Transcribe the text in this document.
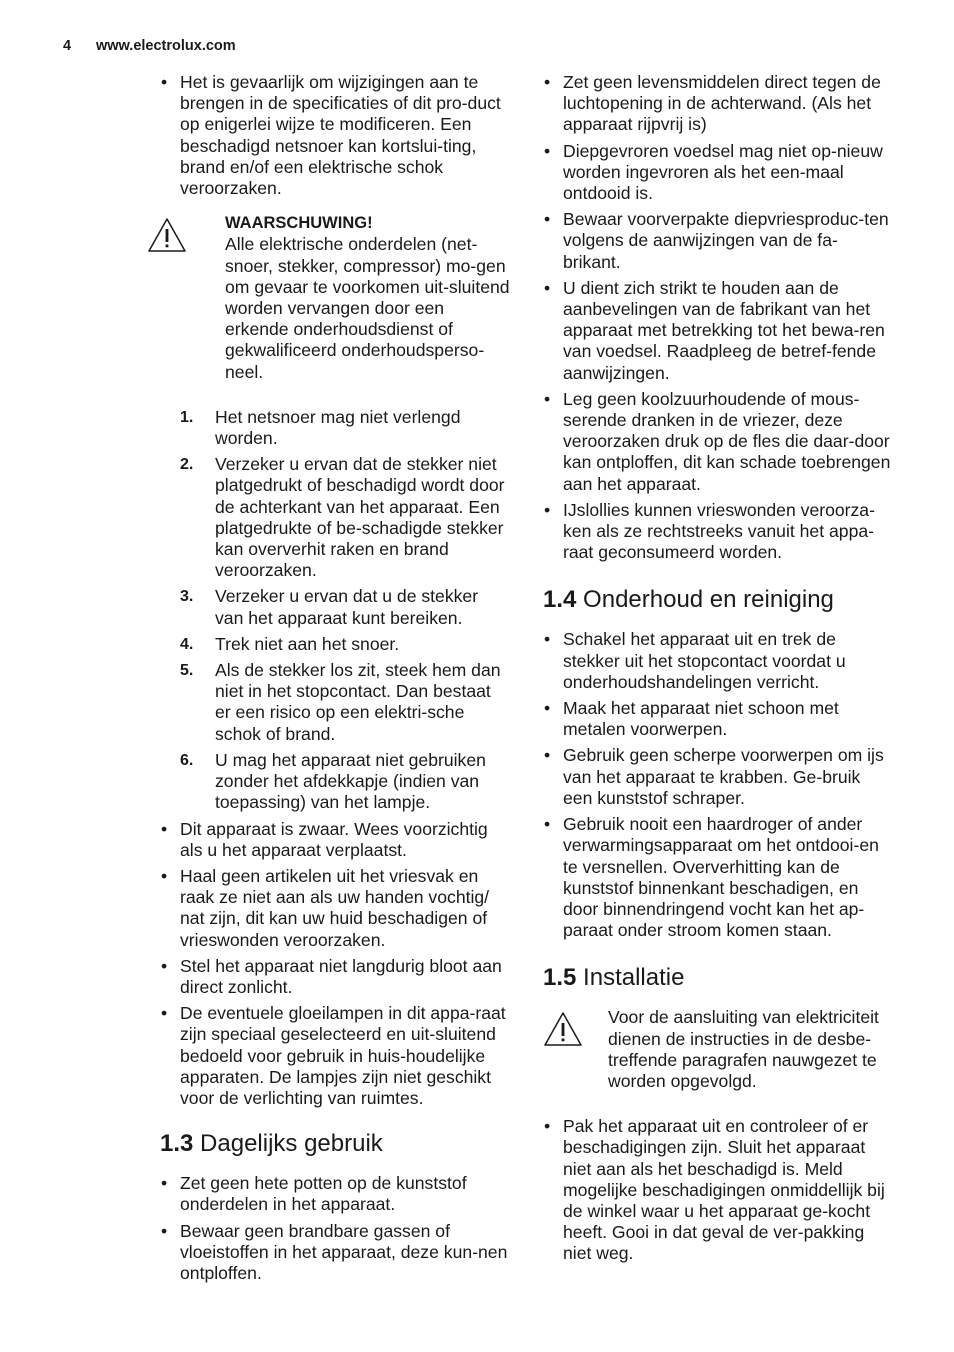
4 www.electrolux.com
• Het is gevaarlijk om wijzigingen aan te brengen in de specificaties of dit pro-duct op enigerlei wijze te modificeren. Een beschadigd netsnoer kan kortslui-ting, brand en/of een elektrische schok veroorzaken.
WAARSCHUWING!
Alle elektrische onderdelen (net-snoer, stekker, compressor) mo-gen om gevaar te voorkomen uit-sluitend worden vervangen door een erkende onderhoudsdienst of gekwalificeerd onderhoudsperso-neel.
1. Het netsnoer mag niet verlengd worden.
2. Verzeker u ervan dat de stekker niet platgedrukt of beschadigd wordt door de achterkant van het apparaat. Een platgedrukte of be-schadigde stekker kan oververhit raken en brand veroorzaken.
3. Verzeker u ervan dat u de stekker van het apparaat kunt bereiken.
4. Trek niet aan het snoer.
5. Als de stekker los zit, steek hem dan niet in het stopcontact. Dan bestaat er een risico op een elektri-sche schok of brand.
6. U mag het apparaat niet gebruiken zonder het afdekkapje (indien van toepassing) van het lampje.
• Dit apparaat is zwaar. Wees voorzichtig als u het apparaat verplaatst.
• Haal geen artikelen uit het vriesvak en raak ze niet aan als uw handen vochtig/ nat zijn, dit kan uw huid beschadigen of vrieswonden veroorzaken.
• Stel het apparaat niet langdurig bloot aan direct zonlicht.
• De eventuele gloeilampen in dit appa-raat zijn speciaal geselecteerd en uit-sluitend bedoeld voor gebruik in huis-houdelijke apparaten. De lampjes zijn niet geschikt voor de verlichting van ruimtes.
1.3 Dagelijks gebruik
• Zet geen hete potten op de kunststof onderdelen in het apparaat.
• Bewaar geen brandbare gassen of vloeistoffen in het apparaat, deze kun-nen ontploffen.
• Zet geen levensmiddelen direct tegen de luchtopening in de achterwand. (Als het apparaat rijpvrij is)
• Diepgevroren voedsel mag niet op-nieuw worden ingevroren als het een-maal ontdooid is.
• Bewaar voorverpakte diepvriesproduc-ten volgens de aanwijzingen van de fa-brikant.
• U dient zich strikt te houden aan de aanbevelingen van de fabrikant van het apparaat met betrekking tot het bewa-ren van voedsel. Raadpleeg de betref-fende aanwijzingen.
• Leg geen koolzuurhoudende of mous-serende dranken in de vriezer, deze veroorzaken druk op de fles die daar-door kan ontploffen, dit kan schade toebrengen aan het apparaat.
• IJslollies kunnen vrieswonden veroorza-ken als ze rechtstreeks vanuit het appa-raat geconsumeerd worden.
1.4 Onderhoud en reiniging
• Schakel het apparaat uit en trek de stekker uit het stopcontact voordat u onderhoudshandelingen verricht.
• Maak het apparaat niet schoon met metalen voorwerpen.
• Gebruik geen scherpe voorwerpen om ijs van het apparaat te krabben. Ge-bruik een kunststof schraper.
• Gebruik nooit een haardroger of ander verwarmingsapparaat om het ontdooi-en te versnellen. Oververhitting kan de kunststof binnenkant beschadigen, en door binnendringend vocht kan het ap-paraat onder stroom komen staan.
1.5 Installatie
Voor de aansluiting van elektriciteit dienen de instructies in de desbe-treffende paragrafen nauwgezet te worden opgevolgd.
• Pak het apparaat uit en controleer of er beschadigingen zijn. Sluit het apparaat niet aan als het beschadigd is. Meld mogelijke beschadigingen onmiddellijk bij de winkel waar u het apparaat ge-kocht heeft. Gooi in dat geval de ver-pakking niet weg.
